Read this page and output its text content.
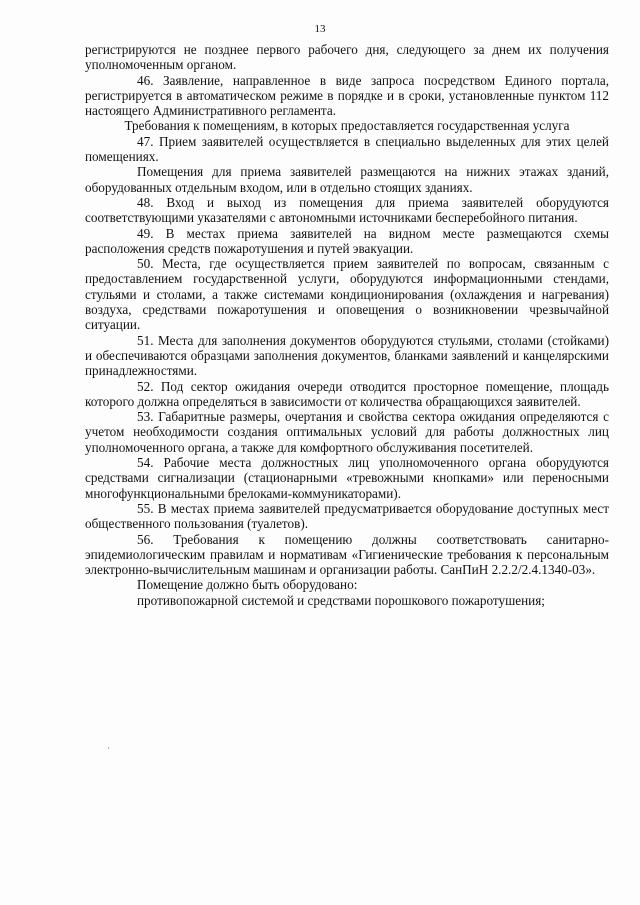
13

регистрируются не позднее первого рабочего дня, следующего за днем их получения уполномоченным органом.

46. Заявление, направленное в виде запроса посредством Единого портала, регистрируется в автоматическом режиме в порядке и в сроки, установленные пунктом 112 настоящего Административного регламента.

Требования к помещениям, в которых предоставляется государственная услуга

47. Прием заявителей осуществляется в специально выделенных для этих целей помещениях.

Помещения для приема заявителей размещаются на нижних этажах зданий, оборудованных отдельным входом, или в отдельно стоящих зданиях.

48. Вход и выход из помещения для приема заявителей оборудуются соответствующими указателями с автономными источниками бесперебойного питания.

49. В местах приема заявителей на видном месте размещаются схемы расположения средств пожаротушения и путей эвакуации.

50. Места, где осуществляется прием заявителей по вопросам, связанным с предоставлением государственной услуги, оборудуются информационными стендами, стульями и столами, а также системами кондиционирования (охлаждения и нагревания) воздуха, средствами пожаротушения и оповещения о возникновении чрезвычайной ситуации.

51. Места для заполнения документов оборудуются стульями, столами (стойками) и обеспечиваются образцами заполнения документов, бланками заявлений и канцелярскими принадлежностями.

52. Под сектор ожидания очереди отводится просторное помещение, площадь которого должна определяться в зависимости от количества обращающихся заявителей.

53. Габаритные размеры, очертания и свойства сектора ожидания определяются с учетом необходимости создания оптимальных условий для работы должностных лиц уполномоченного органа, а также для комфортного обслуживания посетителей.

54. Рабочие места должностных лиц уполномоченного органа оборудуются средствами сигнализации (стационарными «тревожными кнопками» или переносными многофункциональными брелоками-коммуникаторами).

55. В местах приема заявителей предусматривается оборудование доступных мест общественного пользования (туалетов).

56. Требования к помещению должны соответствовать санитарно-эпидемиологическим правилам и нормативам «Гигиенические требования к персональным электронно-вычислительным машинам и организации работы. СанПиН 2.2.2/2.4.1340-03».

Помещение должно быть оборудовано:

противопожарной системой и средствами порошкового пожаротушения;

·
